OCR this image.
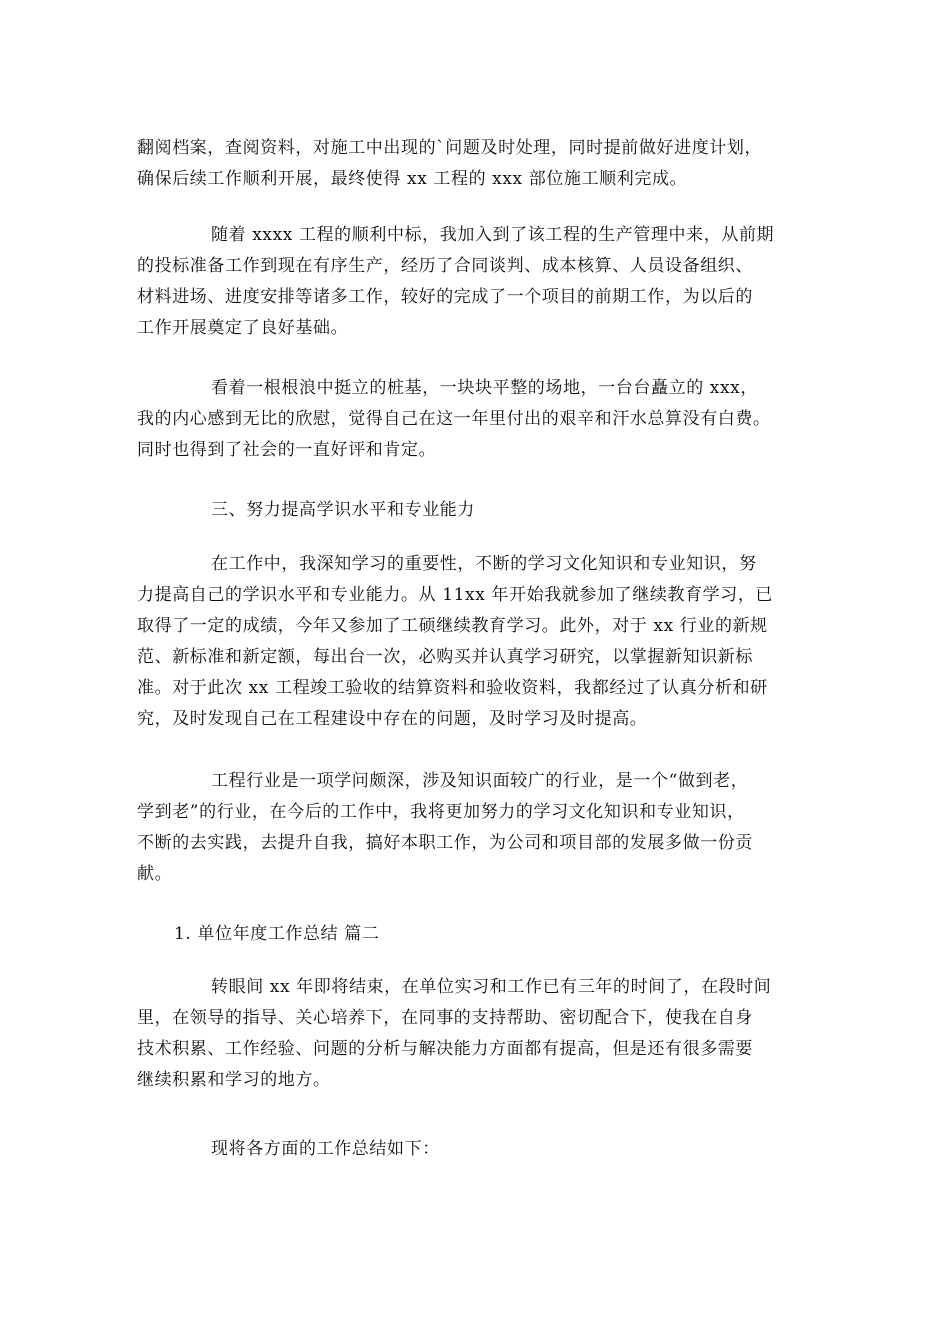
翻阅档案，查阅资料，对施工中出现的`问题及时处理，同时提前做好进度计划，
确保后续工作顺利开展，最终使得 xx 工程的 xxx 部位施工顺利完成。

随着 xxxx 工程的顺利中标，我加入到了该工程的生产管理中来，从前期
的投标准备工作到现在有序生产，经历了合同谈判、成本核算、人员设备组织、
材料进场、进度安排等诸多工作，较好的完成了一个项目的前期工作，为以后的
工作开展奠定了良好基础。

看着一根根浪中挺立的桩基，一块块平整的场地，一台台矗立的 xxx，
我的内心感到无比的欣慰，觉得自己在这一年里付出的艰辛和汗水总算没有白费。
同时也得到了社会的一直好评和肯定。

三、努力提高学识水平和专业能力

在工作中，我深知学习的重要性，不断的学习文化知识和专业知识，努
力提高自己的学识水平和专业能力。从 11xx 年开始我就参加了继续教育学习，已
取得了一定的成绩，今年又参加了工硕继续教育学习。此外，对于 xx 行业的新规
范、新标准和新定额，每出台一次，必购买并认真学习研究，以掌握新知识新标
准。对于此次 xx 工程竣工验收的结算资料和验收资料，我都经过了认真分析和研
究，及时发现自己在工程建设中存在的问题，及时学习及时提高。

工程行业是一项学问颇深，涉及知识面较广的行业，是一个“做到老，
学到老”的行业，在今后的工作中，我将更加努力的学习文化知识和专业知识，
不断的去实践，去提升自我，搞好本职工作，为公司和项目部的发展多做一份贡
献。

1. 单位年度工作总结 篇二

转眼间 xx 年即将结束，在单位实习和工作已有三年的时间了，在段时间
里，在领导的指导、关心培养下，在同事的支持帮助、密切配合下，使我在自身
技术积累、工作经验、问题的分析与解决能力方面都有提高，但是还有很多需要
继续积累和学习的地方。

现将各方面的工作总结如下：
